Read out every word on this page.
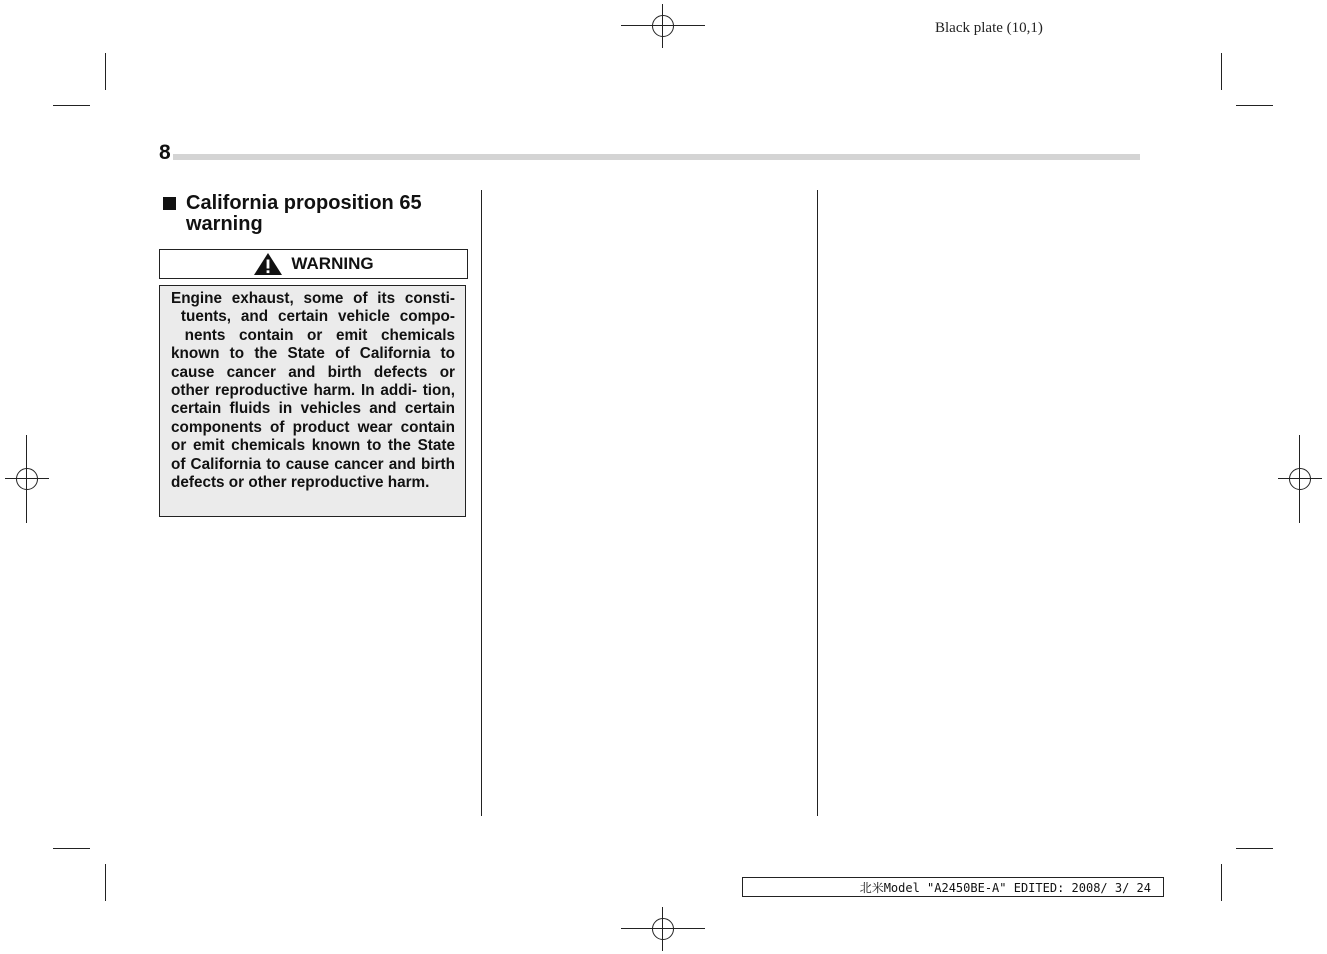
Black plate (10,1)
8
California proposition 65 warning
WARNING
Engine exhaust, some of its consti- tuents, and certain vehicle compo- nents contain or emit chemicals known to the State of California to cause cancer and birth defects or other reproductive harm. In addi- tion, certain fluids in vehicles and certain components of product wear contain or emit chemicals known to the State of California to cause cancer and birth defects or other reproductive harm.
北米Model "A2450BE-A" EDITED: 2008/ 3/ 24
